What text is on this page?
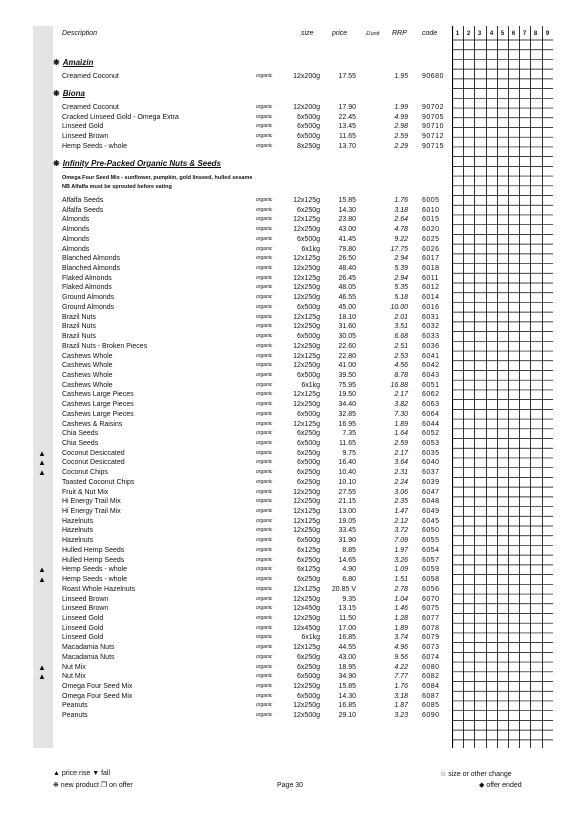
Description	size	price	£/unit RRP code	1	2	3	4	5	6	7	8	9
❋ Amaizin
Creamed Coconut	organic	12x200g	17.55	1.95 90680
❋ Biona
Creamed Coconut	organic	12x200g	17.90	1.99 90702
Cracked Linseed Gold - Omega Extra	organic	6x500g	22.45	4.99 90705
Linseed Gold	organic	6x500g	13.45	2.98 90710
Linseed Brown	organic	6x500g	11.65	2.59 90712
Hemp Seeds - whole	organic	8x250g	13.70	2.29 90715
❋ Infinity Pre-Packed Organic Nuts & Seeds
Omega Four Seed Mix - sunflower, pumpkin, gold linseed, hulled sesame
NB Alfalfa must be sprouted before eating
Alfalfa Seeds	organic	12x125g	15.85	1.76 6005
Alfalfa Seeds	organic	6x250g	14.30	3.18 6010
Almonds	organic	12x125g	23.80	2.64 6015
Almonds	organic	12x250g	43.00	4.78 6020
Almonds	organic	6x500g	41.45	9.22 6025
Almonds	organic	6x1kg	79.80	17.75 6026
Blanched Almonds	organic	12x125g	26.50	2.94 6017
Blanched Almonds	organic	12x250g	48.40	5.39 6018
Flaked Almonds	organic	12x125g	26.45	2.94 6011
Flaked Almonds	organic	12x250g	48.05	5.35 6012
Ground Almonds	organic	12x250g	46.55	5.18 6014
Ground Almonds	organic	6x500g	45.00	10.00 6016
Brazil Nuts	organic	12x125g	18.10	2.01 6031
Brazil Nuts	organic	12x250g	31.60	3.51 6032
Brazil Nuts	organic	6x500g	30.05	6.68 6033
Brazil Nuts - Broken Pieces	organic	12x250g	22.60	2.51 6036
Cashews Whole	organic	12x125g	22.80	2.53 6041
Cashews Whole	organic	12x250g	41.00	4.56 6042
Cashews Whole	organic	6x500g	39.50	8.78 6043
Cashews Whole	organic	6x1kg	75.95	16.88 6051
Cashews Large Pieces	organic	12x125g	19.50	2.17 6062
Cashews Large Pieces	organic	12x250g	34.40	3.82 6063
Cashews Large Pieces	organic	6x500g	32.85	7.30 6064
Cashews & Raisins	organic	12x125g	16.95	1.89 6044
Chia Seeds	organic	6x250g	7.35	1.64 6052
Chia Seeds	organic	6x500g	11.65	2.59 6053
▲ Coconut Desiccated	organic	6x250g	9.75	2.17 6035
▲ Coconut Desiccated	organic	6x500g	16.40	3.64 6040
▲ Coconut Chips	organic	6x250g	10.40	2.31 6037
Toasted Coconut Chips	organic	6x250g	10.10	2.24 6039
Fruit & Nut Mix	organic	12x250g	27.55	3.06 6047
Hi Energy Trail Mix	organic	12x250g	21.15	2.35 6048
Hi Energy Trail Mix	organic	12x125g	13.00	1.47 6049
Hazelnuts	organic	12x125g	19.05	2.12 6045
Hazelnuts	organic	12x250g	33.45	3.72 6050
Hazelnuts	organic	6x500g	31.90	7.09 6055
Hulled Hemp Seeds	organic	6x125g	8.85	1.97 6054
Hulled Hemp Seeds	organic	6x250g	14.65	3.26 6057
▲ Hemp Seeds - whole	organic	6x125g	4.90	1.09 6059
▲ Hemp Seeds - whole	organic	6x250g	6.80	1.51 6058
Roast Whole Hazelnuts	organic	12x125g	20.85 V	2.78 6056
Linseed Brown	organic	12x250g	9.35	1.04 6070
Linseed Brown	organic	12x450g	13.15	1.46 6075
Linseed Gold	organic	12x250g	11.50	1.28 6077
Linseed Gold	organic	12x450g	17.00	1.89 6078
Linseed Gold	organic	6x1kg	16.85	3.74 6079
Macadamia Nuts	organic	12x125g	44.55	4.96 6073
Macadamia Nuts	organic	6x250g	43.00	9.56 6074
▲ Nut Mix	organic	6x250g	18.95	4.22 6080
▲ Nut Mix	organic	6x500g	34.90	7.77 6082
Omega Four Seed Mix	organic	12x250g	15.85	1.76 6084
Omega Four Seed Mix	organic	6x500g	14.30	3.18 6087
Peanuts	organic	12x250g	16.85	1.87 6085
Peanuts	organic	12x500g	29.10	3.23 6090
▲ price rise ▼ fall
❋ new product ❒ on offer	Page 30
☆ size or other change
◆ offer ended
